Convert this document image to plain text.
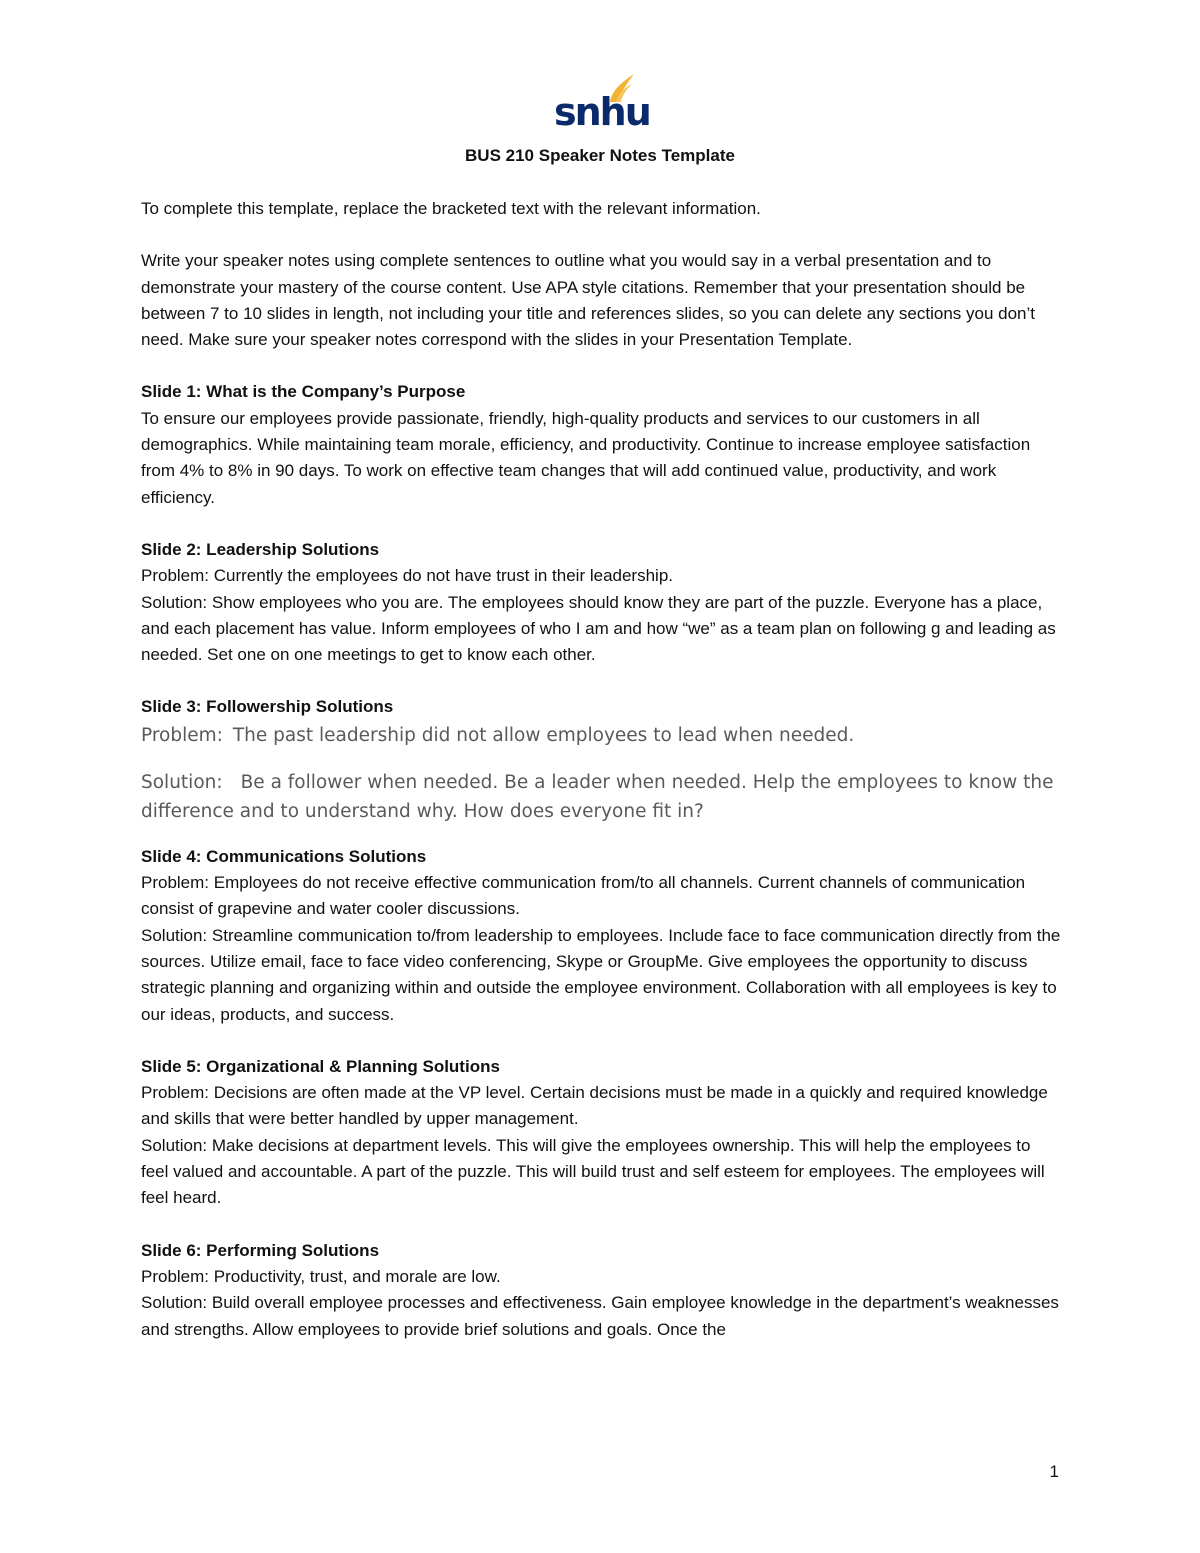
snhu
BUS 210 Speaker Notes Template

To complete this template, replace the bracketed text with the relevant information.

Write your speaker notes using complete sentences to outline what you would say in a verbal presentation and to demonstrate your mastery of the course content. Use APA style citations. Remember that your presentation should be between 7 to 10 slides in length, not including your title and references slides, so you can delete any sections you don’t need. Make sure your speaker notes correspond with the slides in your Presentation Template.

Slide 1: What is the Company’s Purpose

To ensure our employees provide passionate, friendly, high-quality products and services to our customers in all demographics. While maintaining team morale, efficiency, and productivity. Continue to increase employee satisfaction from 4% to 8% in 90 days. To work on effective team changes that will add continued value, productivity, and work efficiency.

Slide 2: Leadership Solutions

Problem: Currently the employees do not have trust in their leadership.

Solution: Show employees who you are. The employees should know they are part of the puzzle. Everyone has a place, and each placement has value. Inform employees of who I am and how “we” as a team plan on following g and leading as needed. Set one on one meetings to get to know each other.

Slide 3: Followership Solutions

Problem: The past leadership did not allow employees to lead when needed.

Solution: Be a follower when needed. Be a leader when needed. Help the employees to know the difference and to understand why. How does everyone fit in?

Slide 4: Communications Solutions

Problem: Employees do not receive effective communication from/to all channels. Current channels of communication consist of grapevine and water cooler discussions.

Solution: Streamline communication to/from leadership to employees. Include face to face communication directly from the sources. Utilize email, face to face video conferencing, Skype or GroupMe. Give employees the opportunity to discuss strategic planning and organizing within and outside the employee environment. Collaboration with all employees is key to our ideas, products, and success.

Slide 5: Organizational & Planning Solutions

Problem: Decisions are often made at the VP level. Certain decisions must be made in a quickly and required knowledge and skills that were better handled by upper management.

Solution: Make decisions at department levels. This will give the employees ownership. This will help the employees to feel valued and accountable. A part of the puzzle. This will build trust and self esteem for employees. The employees will feel heard.

Slide 6: Performing Solutions

Problem: Productivity, trust, and morale are low.

Solution: Build overall employee processes and effectiveness. Gain employee knowledge in the department’s weaknesses and strengths. Allow employees to provide brief solutions and goals. Once the

1
